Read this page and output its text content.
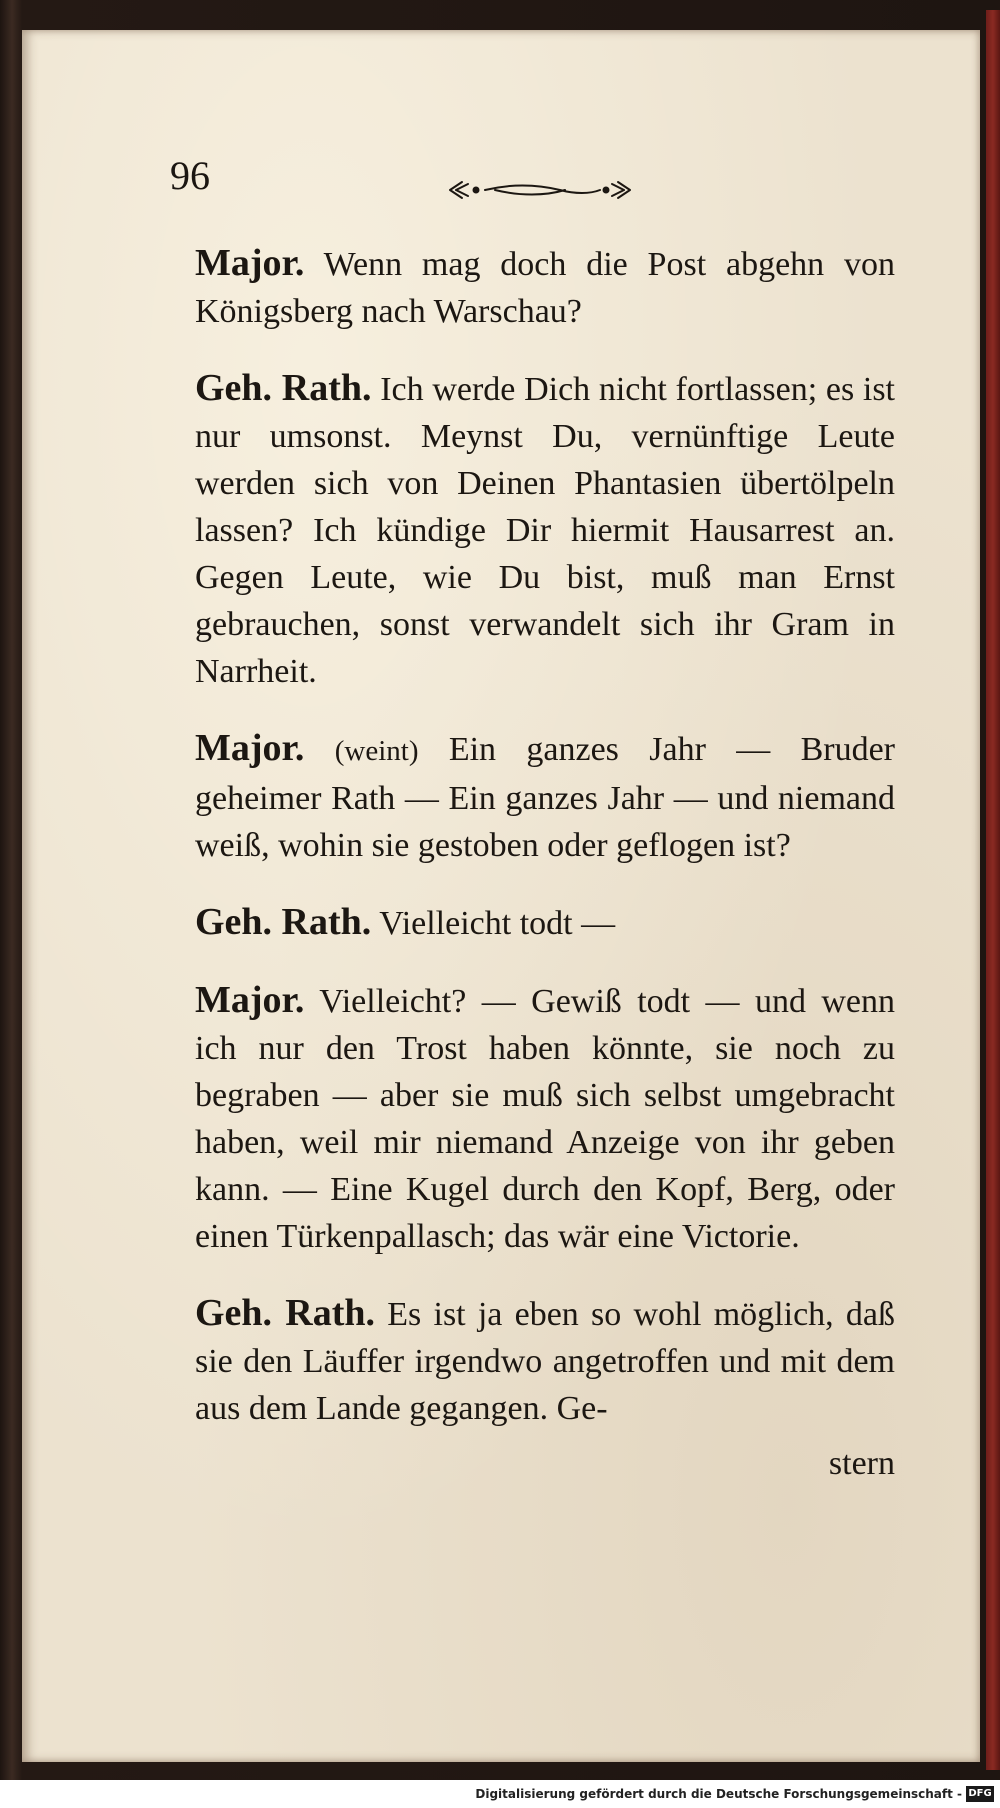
96

Major. Wenn mag doch die Post abgehn von Königsberg nach Warschau?

Geh. Rath. Ich werde Dich nicht fortlassen; es ist nur umsonst. Meynst Du, vernünftige Leute werden sich von Deinen Phantasien übertölpeln lassen? Ich kündige Dir hiermit Hausarrest an. Gegen Leute, wie Du bist, muß man Ernst gebrauchen, sonst verwandelt sich ihr Gram in Narrheit.

Major. (weint) Ein ganzes Jahr — Bruder geheimer Rath — Ein ganzes Jahr — und niemand weiß, wohin sie gestoben oder geflogen ist?

Geh. Rath. Vielleicht todt —

Major. Vielleicht? — Gewiß todt — und wenn ich nur den Trost haben könnte, sie noch zu begraben — aber sie muß sich selbst umgebracht haben, weil mir niemand Anzeige von ihr geben kann. — Eine Kugel durch den Kopf, Berg, oder einen Türkenpallasch; das wär eine Victorie.

Geh. Rath. Es ist ja eben so wohl möglich, daß sie den Läuffer irgendwo angetroffen und mit dem aus dem Lande gegangen. Ge-

stern

Digitalisierung gefördert durch die Deutsche Forschungsgemeinschaft - DFG
